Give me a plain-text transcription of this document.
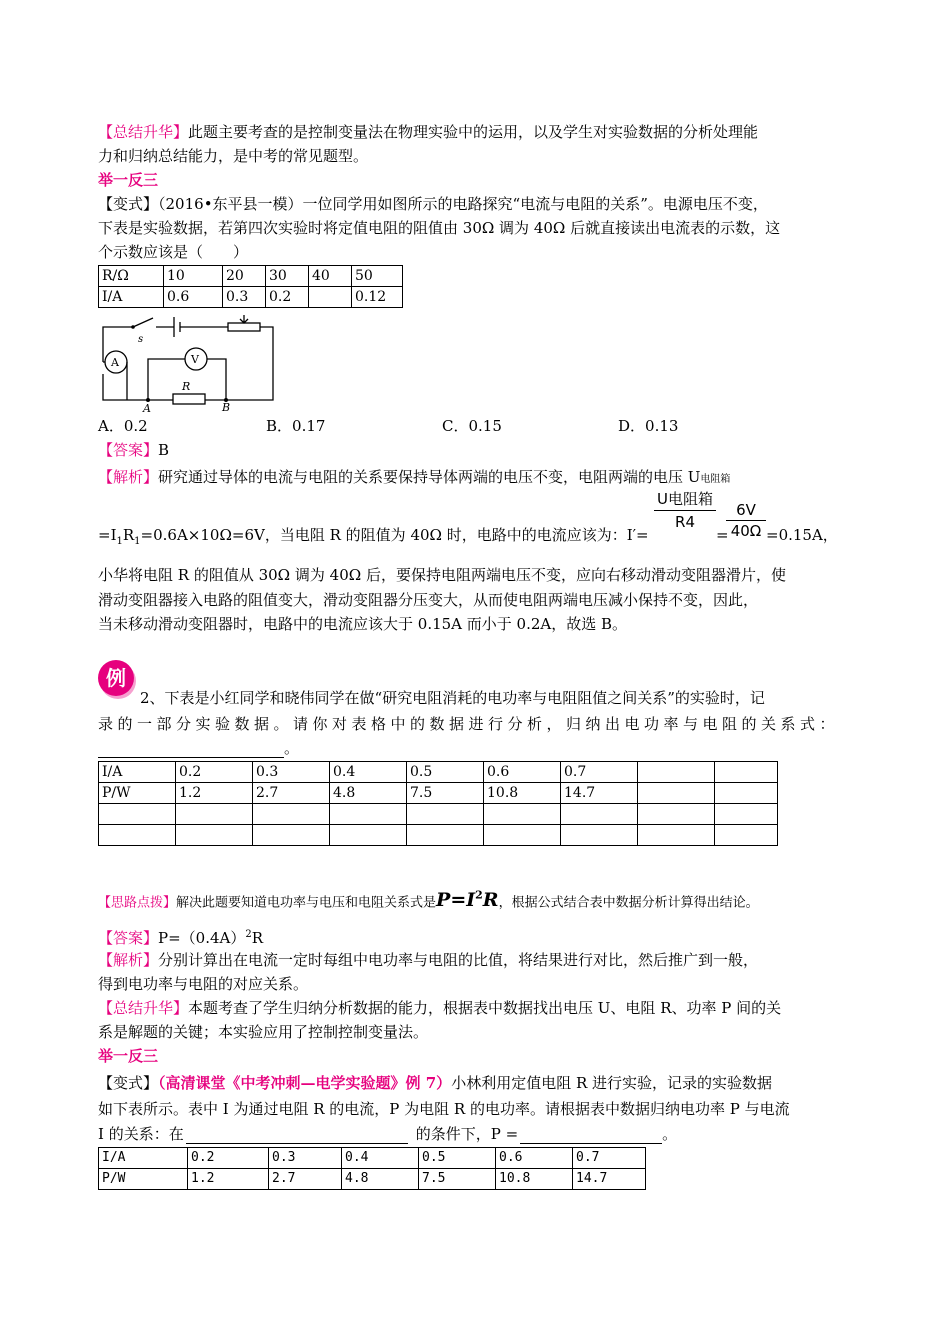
【总结升华】此题主要考查的是控制变量法在物理实验中的运用，以及学生对实验数据的分析处理能
力和归纳总结能力，是中考的常见题型。
举一反三
【变式】（2016•东平县一模）一位同学用如图所示的电路探究“电流与电阻的关系”。电源电压不变，
下表是实验数据，若第四次实验时将定值电阻的阻值由 30Ω 调为 40Ω 后就直接读出电流表的示数，这
个示数应该是（　　）
R/Ω	10	20	30	40	50
I/A	0.6	0.3	0.2		0.12
s
A	V
R
A	B
A．0.2	B．0.17	C．0.15	D．0.13
【答案】B
【解析】研究通过导体的电流与电阻的关系要保持导体两端的电压不变，电阻两端的电压 U电阻箱
$=I_1R_1=0.6A\times 10\Omega=6V$，当电阻 R 的阻值为 40Ω 时，电路中的电流应该为：I′=
U电阻箱
R4
=
$\frac{6V}{40\Omega} =0.15A$，
小华将电阻 R 的阻值从 30Ω 调为 40Ω 后，要保持电阻两端电压不变，应向右移动滑动变阻器滑片，使
滑动变阻器接入电路的阻值变大，滑动变阻器分压变大，从而使电阻两端电压减小保持不变，因此，
当未移动滑动变阻器时，电路中的电流应该大于 0.15A 而小于 0.2A，故选 B。
例
2、下表是小红同学和晓伟同学在做“研究电阻消耗的电功率与电阻阻值之间关系”的实验时，记
录的一部分实验数据。请你对表格中的数据进行分析，归纳出电功率与电阻的关系式：
。
I/A	0.2	0.3	0.4	0.5	0.6	0.7		
P/W	1.2	2.7	4.8	7.5	10.8	14.7		

【思路点拨】解决此题要知道电功率与电压和电阻关系式是$P=I^2R$，根据公式结合表中数据分析计算得出结论。
【答案】$P=(0.4A)^2R$
【解析】分别计算出在电流一定时每组中电功率与电阻的比值，将结果进行对比，然后推广到一般，
得到电功率与电阻的对应关系。
【总结升华】本题考查了学生归纳分析数据的能力，根据表中数据找出电压 U、电阻 R、功率 P 间的关
系是解题的关键；本实验应用了控制控制变量法。
举一反三
【变式】（高清课堂《中考冲刺—电学实验题》例 7）小林利用定值电阻 R 进行实验，记录的实验数据
如下表所示。表中 I 为通过电阻 R 的电流，P 为电阻 R 的电功率。请根据表中数据归纳电功率 P 与电流
I 的关系：在	的条件下，P =	。
I/A	0.2	0.3	0.4	0.5	0.6	0.7
P/W	1.2	2.7	4.8	7.5	10.8	14.7
